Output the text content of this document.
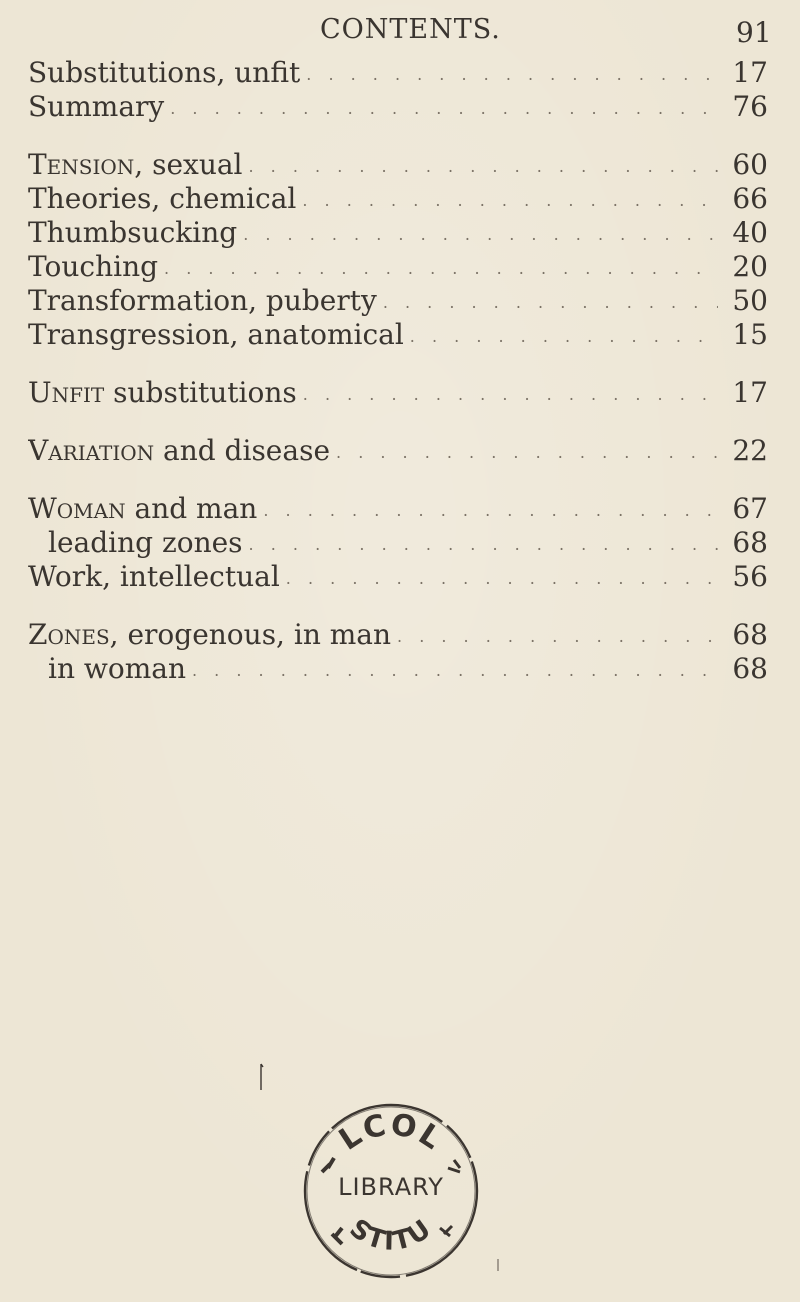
CONTENTS.	91
Substitutions, unfit . . .	17
Summary . . .	76
Tension, sexual . . .	60
Theories, chemical . . .	66
Thumbsucking . . .	40
Touching . . .	20
Transformation, puberty . . .	50
Transgression, anatomical . . .	15
Unfit substitutions . . .	17
Variation and disease . . .	22
Woman and man . . .	67
leading zones . . .	68
Work, intellectual . . .	56
Zones, erogenous, in man . . .	68
in woman . . .	68
LCOL
STITU
LIBRARY
